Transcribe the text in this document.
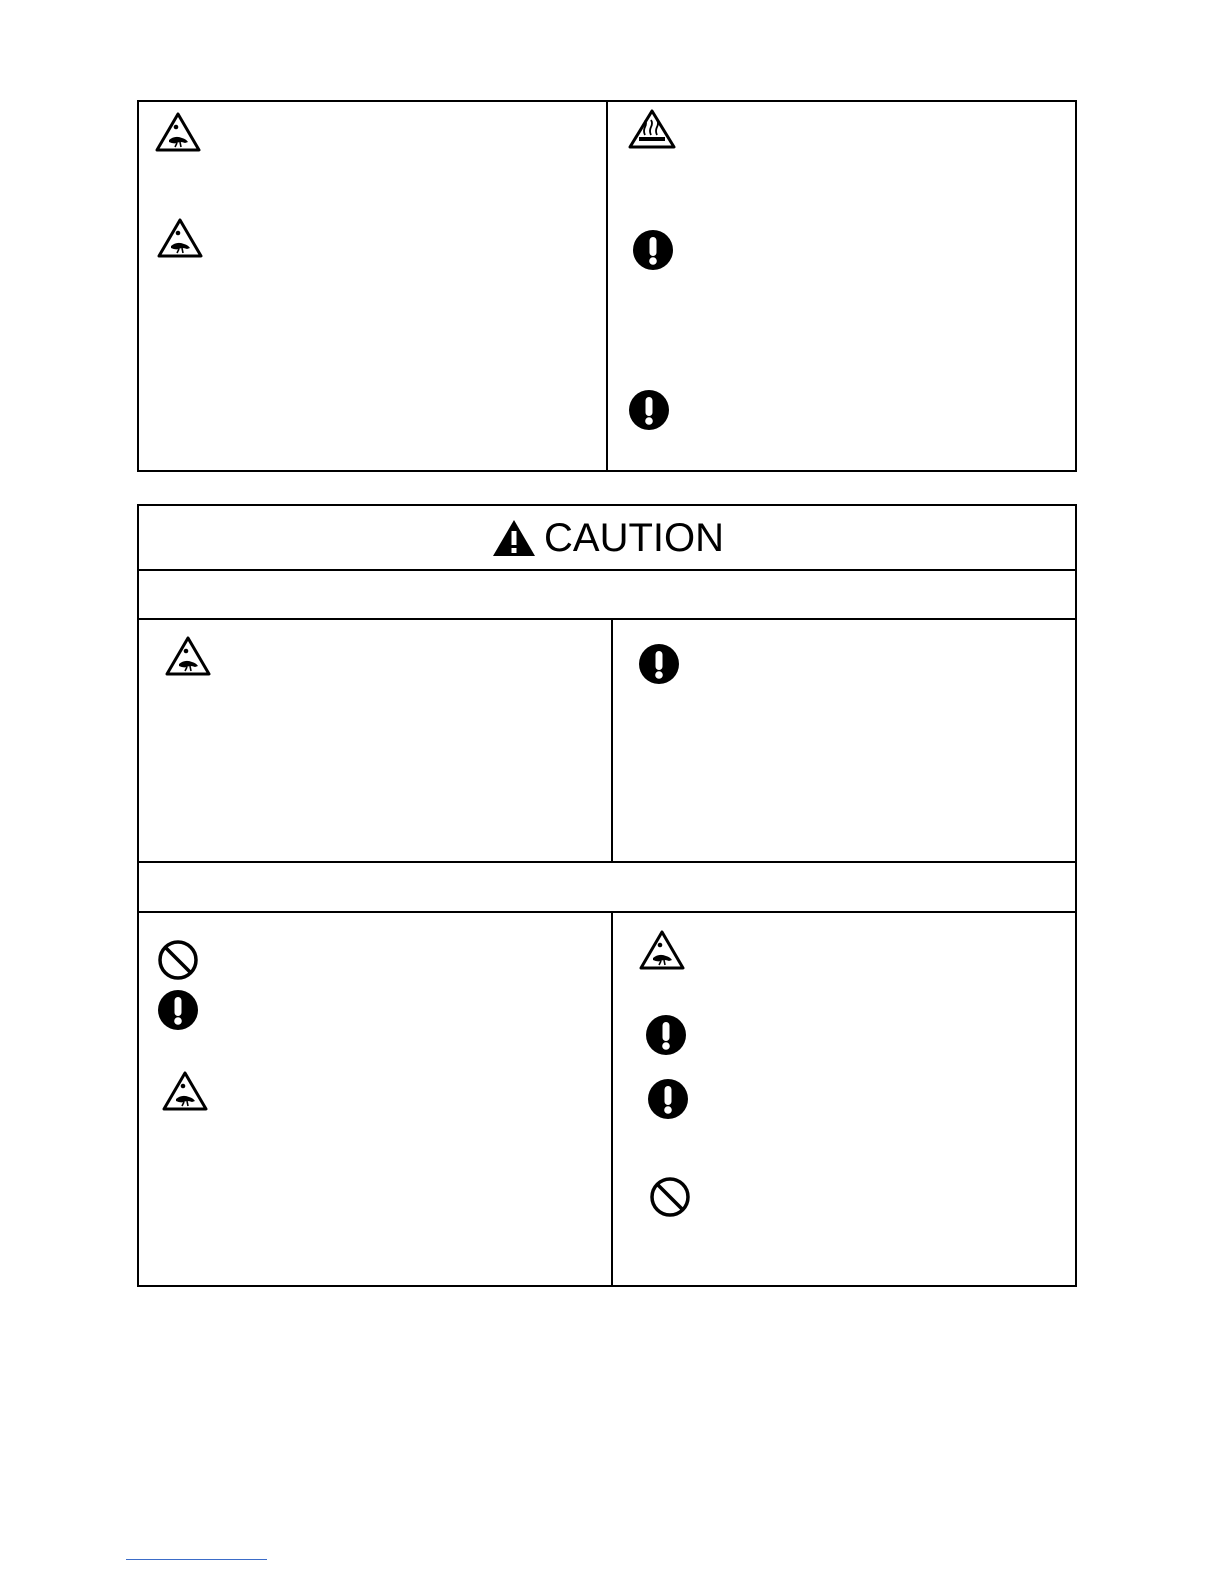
CAUTION
